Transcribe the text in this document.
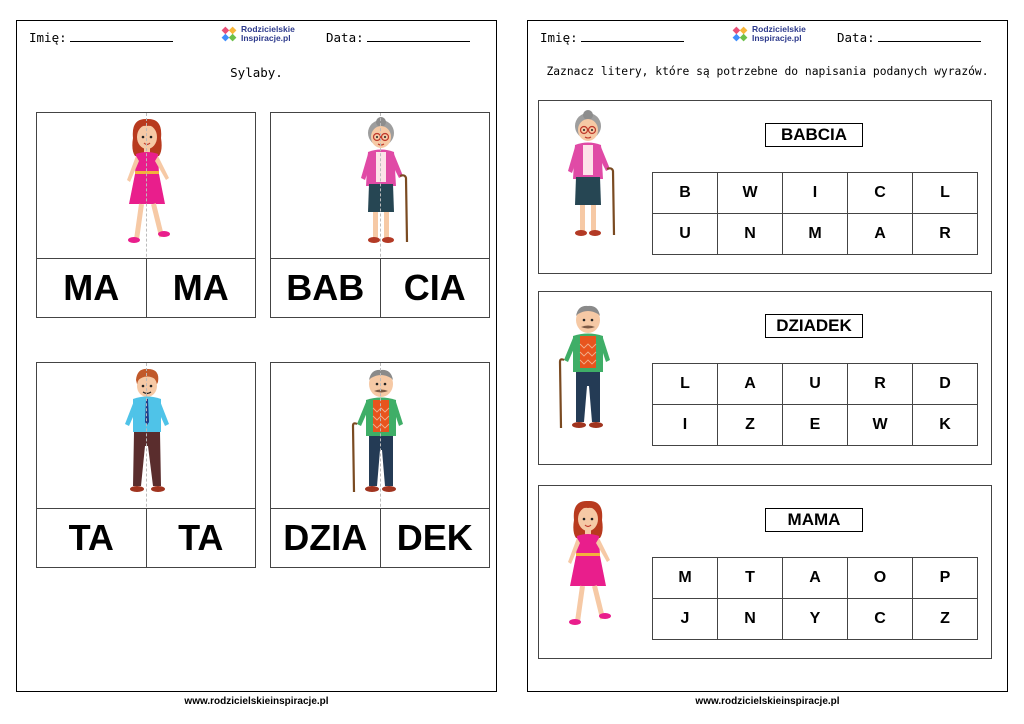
Imię:
Rodzicielskie
Inspiracje.pl	Data:
Sylaby.
MA	MA	BAB	CIA
TA	TA	DZIA DEK
www.rodzicielskieinspiracje.pl
Imię:
Rodzicielskie
Inspiracje.pl	Data:
Zaznacz litery, które są potrzebne do napisania podanych wyrazów.
BABCIA
B	W	I	C	L
U	N	M	A	R
DZIADEK
L	A	U	R	D
I	Z	E	W	K
MAMA
M	T	A	O	P
J	N	Y	C	Z
www.rodzicielskieinspiracje.pl
